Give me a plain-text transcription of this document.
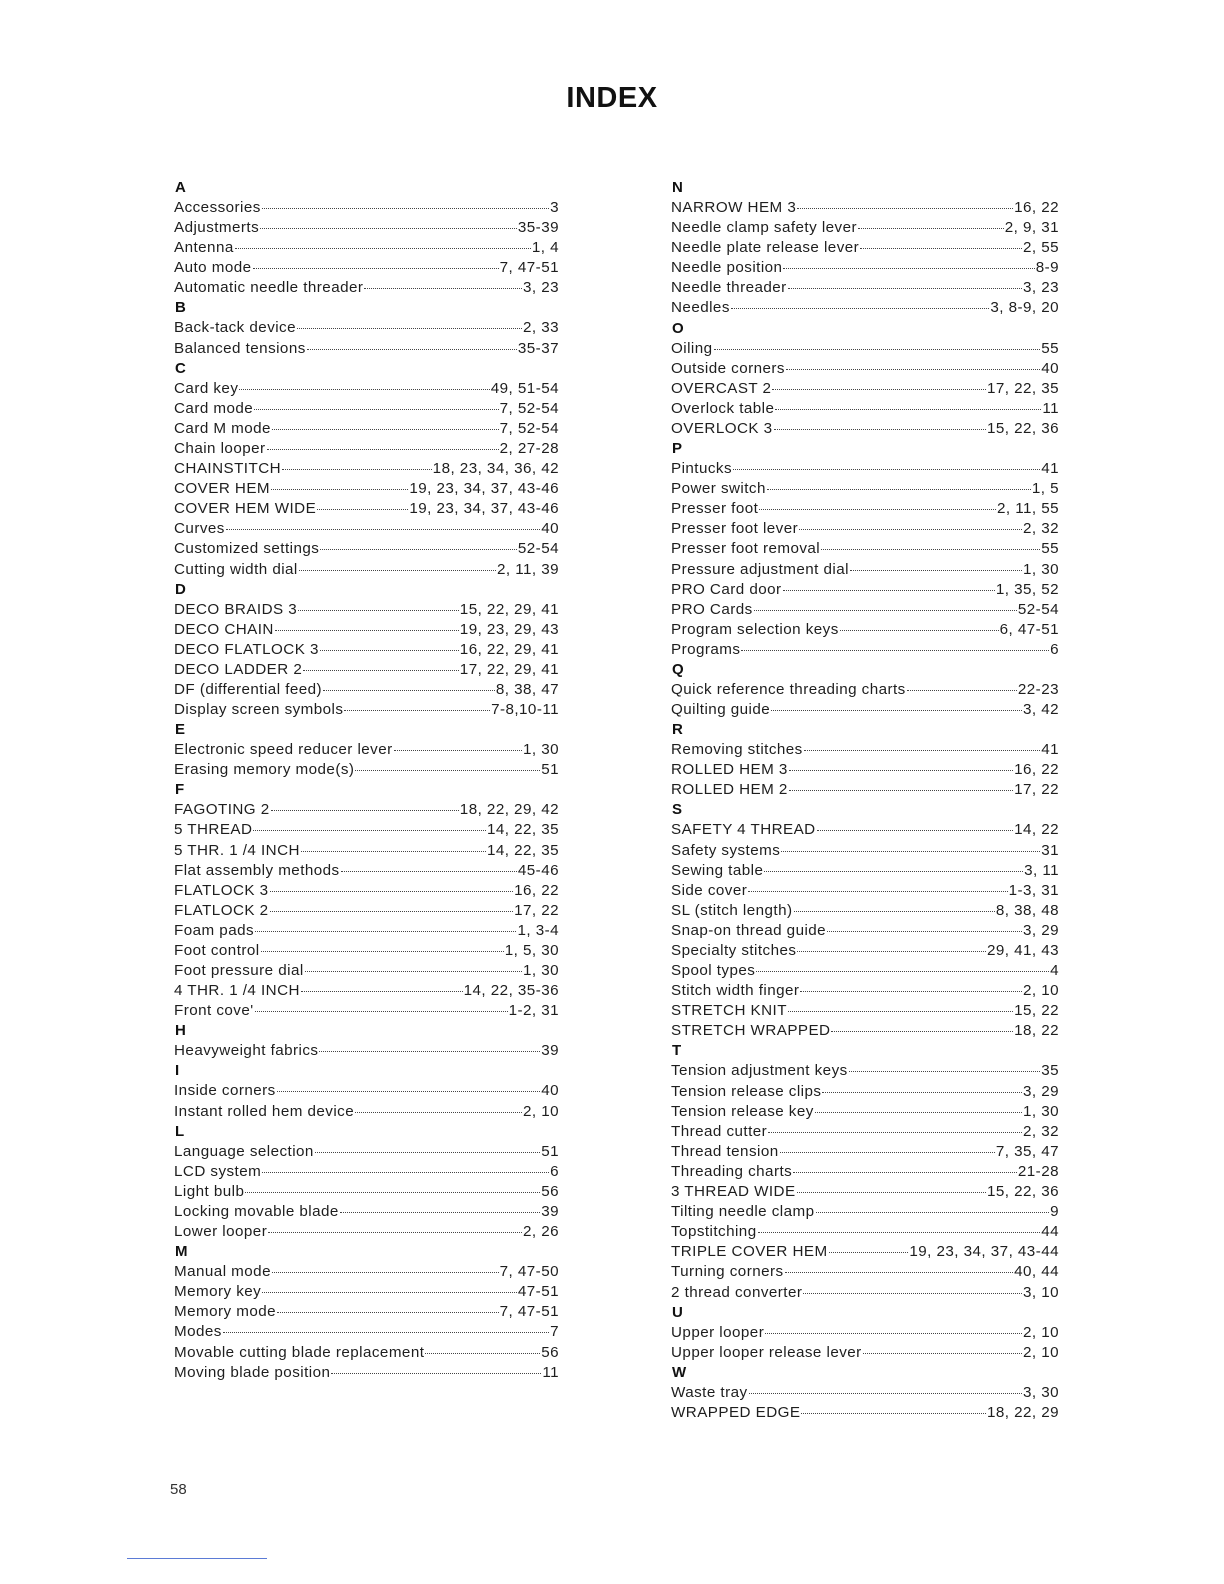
INDEX
A
Accessories	3
Adjustmerts	35-39
Antenna	1, 4
Auto mode	7, 47-51
Automatic needle threader	3, 23
B
Back-tack device	2, 33
Balanced tensions	35-37
C
Card key	49, 51-54
Card mode	7, 52-54
Card M mode	7, 52-54
Chain looper	2, 27-28
CHAINSTITCH	18, 23, 34, 36, 42
COVER HEM	19, 23, 34, 37, 43-46
COVER HEM WIDE	19, 23, 34, 37, 43-46
Curves	40
Customized settings	52-54
Cutting width dial	2, 11, 39
D
DECO BRAIDS 3	15, 22, 29, 41
DECO CHAIN	19, 23, 29, 43
DECO FLATLOCK 3	16, 22, 29, 41
DECO LADDER 2	17, 22, 29, 41
DF (differential feed)	8, 38, 47
Display screen symbols	7-8,10-11
E
Electronic speed reducer lever	1, 30
Erasing memory mode(s)	51
F
FAGOTING 2	18, 22, 29, 42
5 THREAD	14, 22, 35
5 THR. 1 /4 INCH	14, 22, 35
Flat assembly methods	45-46
FLATLOCK 3	16, 22
FLATLOCK 2	17, 22
Foam pads	1, 3-4
Foot control	1, 5, 30
Foot pressure dial	1, 30
4 THR. 1 /4 INCH	14, 22, 35-36
Front cove'	1-2, 31
H
Heavyweight fabrics	39
I
Inside corners	40
Instant rolled hem device	2, 10
L
Language selection	51
LCD system	6
Light bulb	56
Locking movable blade	39
Lower looper	2, 26
M
Manual mode	7, 47-50
Memory key	47-51
Memory mode	7, 47-51
Modes	7
Movable cutting blade replacement	56
Moving blade position	11
N
NARROW HEM 3	16, 22
Needle clamp safety lever	2, 9, 31
Needle plate release lever	2, 55
Needle position	8-9
Needle threader	3, 23
Needles	3, 8-9, 20
O
Oiling	55
Outside corners	40
OVERCAST 2	17, 22, 35
Overlock table	11
OVERLOCK 3	15, 22, 36
P
Pintucks	41
Power switch	1, 5
Presser foot	2, 11, 55
Presser foot lever	2, 32
Presser foot removal	55
Pressure adjustment dial	1, 30
PRO Card door	1, 35, 52
PRO Cards	52-54
Program selection keys	6, 47-51
Programs	6
Q
Quick reference threading charts	22-23
Quilting guide	3, 42
R
Removing stitches	41
ROLLED HEM 3	16, 22
ROLLED HEM 2	17, 22
S
SAFETY 4 THREAD	14, 22
Safety systems	31
Sewing table	3, 11
Side cover	1-3, 31
SL (stitch length)	8, 38, 48
Snap-on thread guide	3, 29
Specialty stitches	29, 41, 43
Spool types	4
Stitch width finger	2, 10
STRETCH KNIT	15, 22
STRETCH WRAPPED	18, 22
T
Tension adjustment keys	35
Tension release clips	3, 29
Tension release key	1, 30
Thread cutter	2, 32
Thread tension	7, 35, 47
Threading charts	21-28
3 THREAD WIDE	15, 22, 36
Tilting needle clamp	9
Topstitching	44
TRIPLE COVER HEM	19, 23, 34, 37, 43-44
Turning corners	40, 44
2 thread converter	3, 10
U
Upper looper	2, 10
Upper looper release lever	2, 10
W
Waste tray	3, 30
WRAPPED EDGE	18, 22, 29
58
